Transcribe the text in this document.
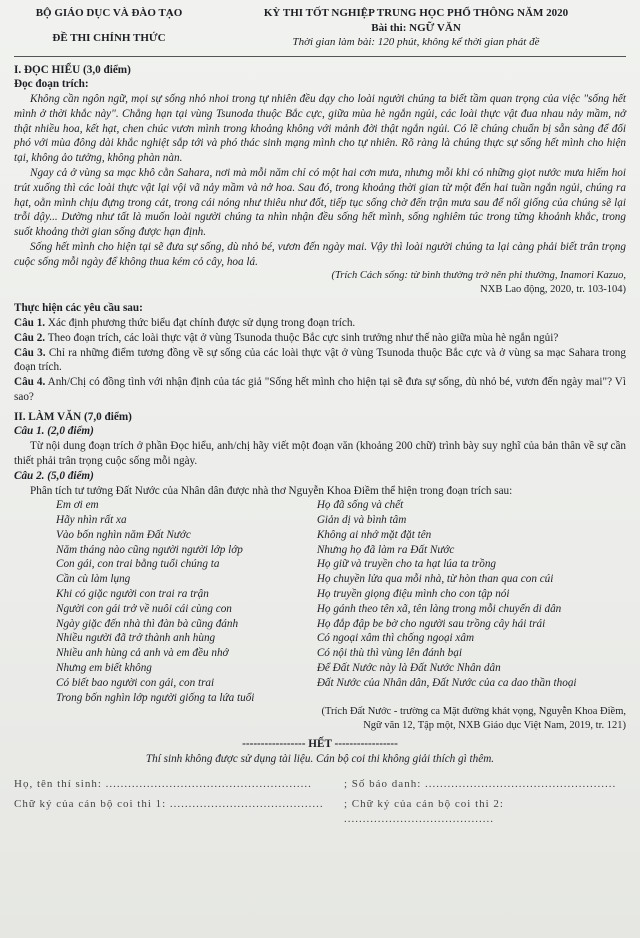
BỘ GIÁO DỤC VÀ ĐÀO TẠO
ĐỀ THI CHÍNH THỨC
KỲ THI TỐT NGHIỆP TRUNG HỌC PHỔ THÔNG NĂM 2020
Bài thi: NGỮ VĂN
Thời gian làm bài: 120 phút, không kể thời gian phát đề
I. ĐỌC HIỂU (3,0 điểm)
Đọc đoạn trích:

Không cần ngôn ngữ, mọi sự sống nhỏ nhoi trong tự nhiên đều dạy cho loài người chúng ta biết tầm quan trọng của việc "sống hết mình ở thời khắc này". Chẳng hạn tại vùng Tsunoda thuộc Bắc cực, giữa mùa hè ngắn ngủi, các loài thực vật đua nhau nảy mầm, nở thật nhiều hoa, kết hạt, chen chúc vươn mình trong khoảng không với mảnh đời thật ngắn ngủi. Có lẽ chúng chuẩn bị sẵn sàng để đối phó với mùa đông dài khắc nghiệt sắp tới và phó thác sinh mạng mình cho tự nhiên. Rõ ràng là chúng thực sự sống hết mình cho hiện tại, không ảo tưởng, không phàn nàn.

Ngay cả ở vùng sa mạc khô cằn Sahara, nơi mà mỗi năm chỉ có một hai cơn mưa, nhưng mỗi khi có những giọt nước mưa hiếm hoi trút xuống thì các loài thực vật lại vội vã nảy mầm và nở hoa. Sau đó, trong khoảng thời gian từ một đến hai tuần ngắn ngủi, chúng ra hạt, oằn mình chịu đựng trong cát, trong cái nóng như thiêu như đốt, tiếp tục sống chờ đến trận mưa sau để nối giống của chúng sẽ lại trỗi dậy... Dường như tất là muốn loài người chúng ta nhìn nhận đều sống hết mình, sống nghiêm túc trong từng khoảnh khắc, trong suốt khoảng thời gian sống được hạn định.

Sống hết mình cho hiện tại sẽ đưa sự sống, dù nhỏ bé, vươn đến ngày mai. Vậy thì loài người chúng ta lại càng phải biết trân trọng cuộc sống mỗi ngày để không thua kém cỏ cây, hoa lá.

(Trích Cách sống: từ bình thường trở nên phi thường, Inamori Kazuo,
NXB Lao động, 2020, tr. 103-104)
Thực hiện các yêu cầu sau:

Câu 1. Xác định phương thức biểu đạt chính được sử dụng trong đoạn trích.

Câu 2. Theo đoạn trích, các loài thực vật ở vùng Tsunoda thuộc Bắc cực sinh trưởng như thế nào giữa mùa hè ngắn ngủi?

Câu 3. Chỉ ra những điểm tương đồng về sự sống của các loài thực vật ở vùng Tsunoda thuộc Bắc cực và ở vùng sa mạc Sahara trong đoạn trích.

Câu 4. Anh/Chị có đồng tình với nhận định của tác giả "Sống hết mình cho hiện tại sẽ đưa sự sống, dù nhỏ bé, vươn đến ngày mai"? Vì sao?

II. LÀM VĂN (7,0 điểm)
Câu 1. (2,0 điểm)

Từ nội dung đoạn trích ở phần Đọc hiểu, anh/chị hãy viết một đoạn văn (khoảng 200 chữ) trình bày suy nghĩ của bản thân về sự cần thiết phải trân trọng cuộc sống mỗi ngày.

Câu 2. (5,0 điểm)

Phân tích tư tưởng Đất Nước của Nhân dân được nhà thơ Nguyễn Khoa Điềm thể hiện trong đoạn trích sau:

Em ơi em
Hãy nhìn rất xa
Vào bốn nghìn năm Đất Nước
Năm tháng nào cũng người người lớp lớp
Con gái, con trai bằng tuổi chúng ta
Cần cù làm lụng
Khi có giặc người con trai ra trận
Người con gái trở về nuôi cái cùng con
Ngày giặc đến nhà thì đàn bà cũng đánh
Nhiều người đã trở thành anh hùng
Nhiều anh hùng cả anh và em đều nhớ
Nhưng em biết không
Có biết bao người con gái, con trai
Trong bốn nghìn lớp người giống ta lứa tuổi
Họ đã sống và chết
Giản dị và bình tâm
Không ai nhớ mặt đặt tên
Nhưng họ đã làm ra Đất Nước
Họ giữ và truyền cho ta hạt lúa ta trồng
Họ chuyền lửa qua mỗi nhà, từ hòn than qua con cúi
Họ truyền giọng điệu mình cho con tập nói
Họ gánh theo tên xã, tên làng trong mỗi chuyến di dân
Họ đắp đập be bờ cho người sau trồng cây hái trái
Có ngoại xâm thì chống ngoại xâm
Có nội thù thì vùng lên đánh bại
Để Đất Nước này là Đất Nước Nhân dân
Đất Nước của Nhân dân, Đất Nước của ca dao thần thoại
(Trích Đất Nước - trường ca Mặt đường khát vọng, Nguyễn Khoa Điềm,
Ngữ văn 12, Tập một, NXB Giáo dục Việt Nam, 2019, tr. 121)
----------------- HẾT -----------------
Thí sinh không được sử dụng tài liệu. Cán bộ coi thi không giải thích gì thêm.
Họ, tên thí sinh: .......................................................	; Số báo danh: ...................................................
Chữ ký của cán bộ coi thi 1: .........................................	; Chữ ký của cán bộ coi thi 2: ........................................
